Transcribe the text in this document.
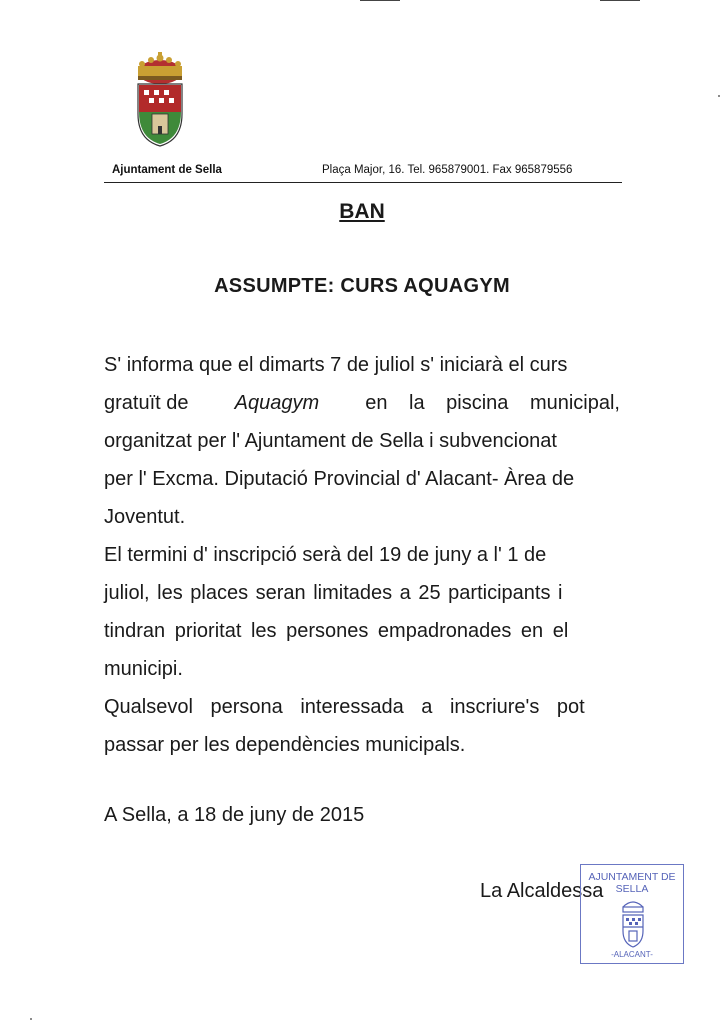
Ajuntament de Sella	Plaça Major, 16. Tel. 965879001. Fax 965879556
BAN
ASSUMPTE: CURS AQUAGYM
S' informa que el dimarts 7 de juliol s' iniciarà el curs
gratuït de Aquagym en la piscina municipal,
organitzat per l' Ajuntament de Sella i subvencionat
per l' Excma. Diputació Provincial d' Alacant- Àrea de
Joventut.
El termini d' inscripció serà del 19 de juny a l' 1 de
juliol, les places seran limitades a 25 participants i
tindran prioritat les persones empadronades en el
municipi.
Qualsevol persona interessada a inscriure's pot
passar per les dependències municipals.
A Sella, a 18 de juny de 2015
La Alcaldessa
AJUNTAMENT DE SELLA
-ALACANT-
